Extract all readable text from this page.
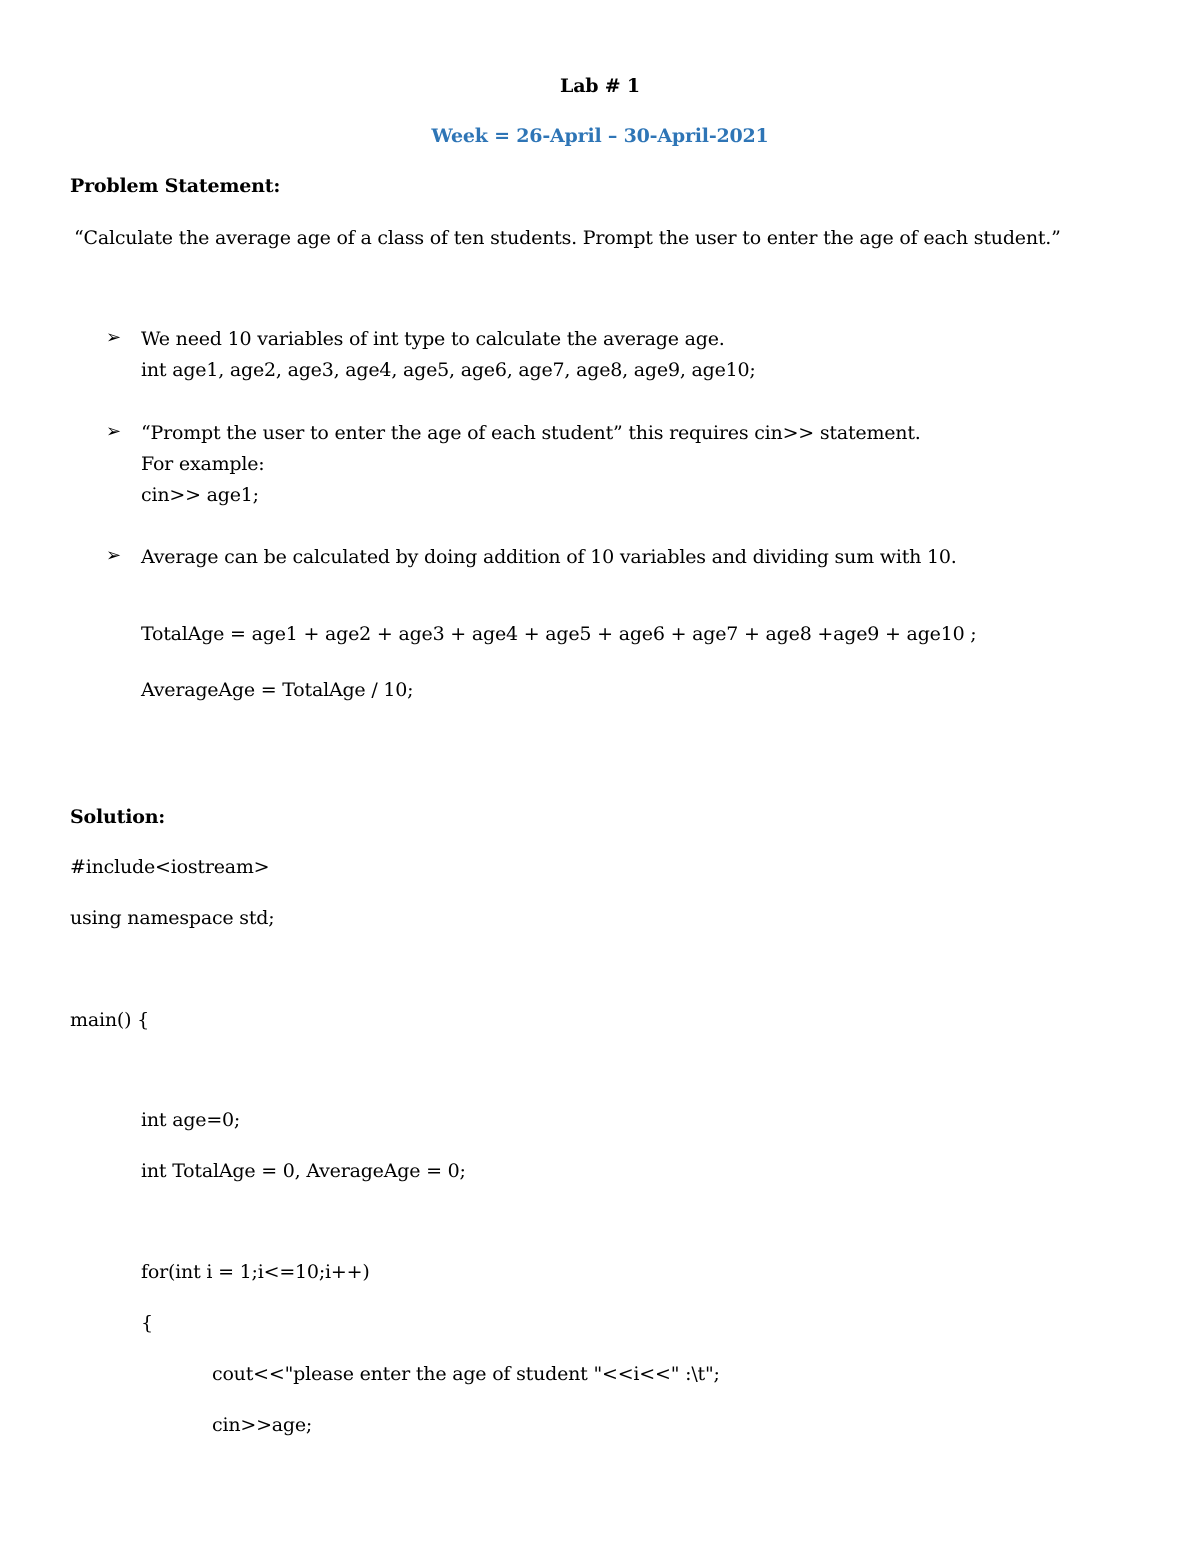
Lab # 1
Week = 26-April – 30-April-2021
Problem Statement:
“Calculate the average age of a class of ten students. Prompt the user to enter the age of each student.”
➢ We need 10 variables of int type to calculate the average age.
int age1, age2, age3, age4, age5, age6, age7, age8, age9, age10;
➢ “Prompt the user to enter the age of each student” this requires cin>> statement.
For example:
cin>> age1;
➢ Average can be calculated by doing addition of 10 variables and dividing sum with 10.
TotalAge = age1 + age2 + age3 + age4 + age5 + age6 + age7 + age8 +age9 + age10 ;
AverageAge = TotalAge / 10;
Solution:
#include<iostream>
using namespace std;
main() {
int age=0;
int TotalAge = 0, AverageAge = 0;
for(int i = 1;i<=10;i++)
{
cout<<"please enter the age of student "<<i<<" :\t";
cin>>age;
